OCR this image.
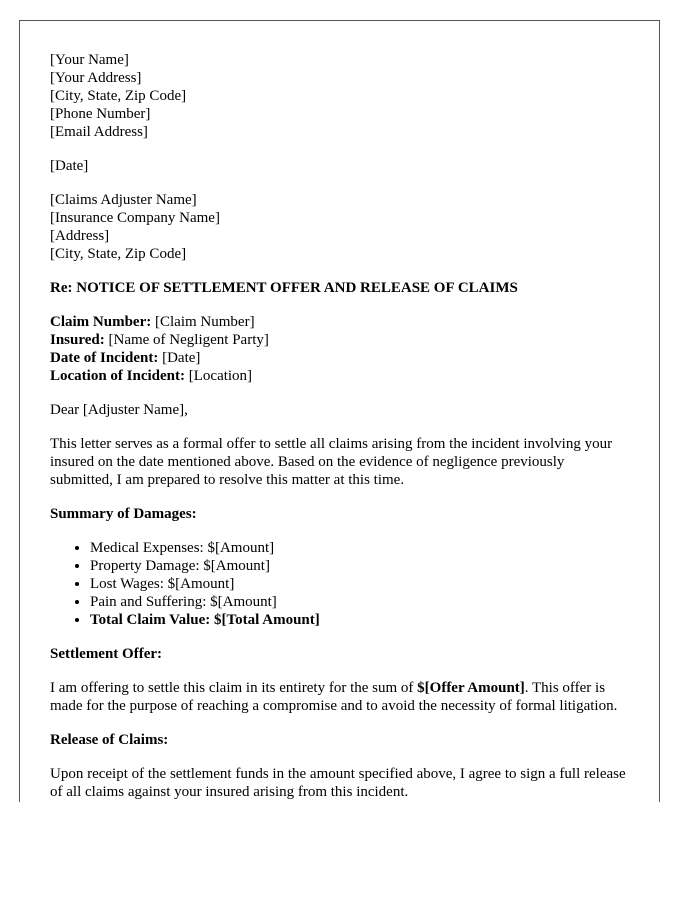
[Your Name]
[Your Address]
[City, State, Zip Code]
[Phone Number]
[Email Address]
[Date]
[Claims Adjuster Name]
[Insurance Company Name]
[Address]
[City, State, Zip Code]
Re: NOTICE OF SETTLEMENT OFFER AND RELEASE OF CLAIMS
Claim Number: [Claim Number]
Insured: [Name of Negligent Party]
Date of Incident: [Date]
Location of Incident: [Location]

Dear [Adjuster Name],

This letter serves as a formal offer to settle all claims arising from the incident involving your insured on the date mentioned above. Based on the evidence of negligence previously submitted, I am prepared to resolve this matter at this time.

Summary of Damages:
• Medical Expenses: $[Amount]
• Property Damage: $[Amount]
• Lost Wages: $[Amount]
• Pain and Suffering: $[Amount]
• Total Claim Value: $[Total Amount]
Settlement Offer:

I am offering to settle this claim in its entirety for the sum of $[Offer Amount]. This offer is made for the purpose of reaching a compromise and to avoid the necessity of formal litigation.

Release of Claims:

Upon receipt of the settlement funds in the amount specified above, I agree to sign a full release of all claims against your insured arising from this incident.
